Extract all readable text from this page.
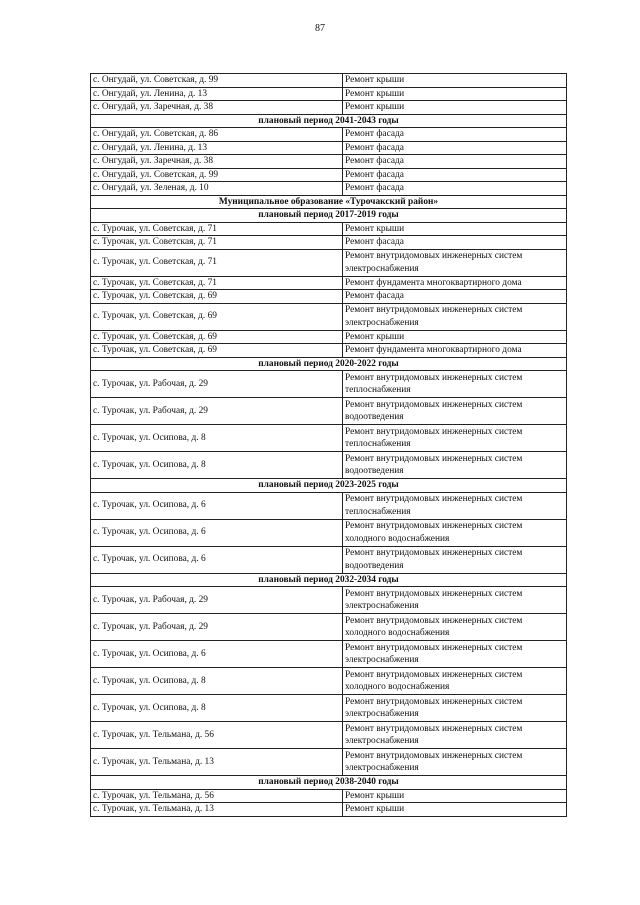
87
с. Онгудай, ул. Советская, д. 99	Ремонт крыши
с. Онгудай, ул. Ленина, д. 13	Ремонт крыши
с. Онгудай, ул. Заречная, д. 38	Ремонт крыши
плановый период 2041-2043 годы	
с. Онгудай, ул. Советская, д. 86	Ремонт фасада
с. Онгудай, ул. Ленина, д. 13	Ремонт фасада
с. Онгудай, ул. Заречная, д. 38	Ремонт фасада
с. Онгудай, ул. Советская, д. 99	Ремонт фасада
с. Онгудай, ул. Зеленая, д. 10	Ремонт фасада
Муниципальное образование «Турочакский район»	
плановый период 2017-2019 годы	
с. Турочак, ул. Советская, д. 71	Ремонт крыши
с. Турочак, ул. Советская, д. 71	Ремонт фасада
с. Турочак, ул. Советская, д. 71	Ремонт внутридомовых инженерных систем
электроснабжения

с. Турочак, ул. Советская, д. 71	Ремонт фундамента многоквартирного дома
с. Турочак, ул. Советская, д. 69	Ремонт фасада
с. Турочак, ул. Советская, д. 69	Ремонт внутридомовых инженерных систем
электроснабжения

с. Турочак, ул. Советская, д. 69	Ремонт крыши
с. Турочак, ул. Советская, д. 69	Ремонт фундамента многоквартирного дома
плановый период 2020-2022 годы	
с. Турочак, ул. Рабочая, д. 29	Ремонт внутридомовых инженерных систем
теплоснабжения

с. Турочак, ул. Рабочая, д. 29	Ремонт внутридомовых инженерных систем
водоотведения

с. Турочак, ул. Осипова, д. 8	Ремонт внутридомовых инженерных систем
теплоснабжения

с. Турочак, ул. Осипова, д. 8	Ремонт внутридомовых инженерных систем
водоотведения

плановый период 2023-2025 годы	
с. Турочак, ул. Осипова, д. 6	Ремонт внутридомовых инженерных систем
теплоснабжения

с. Турочак, ул. Осипова, д. 6	Ремонт внутридомовых инженерных систем
холодного водоснабжения

с. Турочак, ул. Осипова, д. 6	Ремонт внутридомовых инженерных систем
водоотведения

плановый период 2032-2034 годы	
с. Турочак, ул. Рабочая, д. 29	Ремонт внутридомовых инженерных систем
электроснабжения

с. Турочак, ул. Рабочая, д. 29	Ремонт внутридомовых инженерных систем
холодного водоснабжения

с. Турочак, ул. Осипова, д. 6	Ремонт внутридомовых инженерных систем
электроснабжения

с. Турочак, ул. Осипова, д. 8	Ремонт внутридомовых инженерных систем
холодного водоснабжения

с. Турочак, ул. Осипова, д. 8	Ремонт внутридомовых инженерных систем
электроснабжения

с. Турочак, ул. Тельмана, д. 56	Ремонт внутридомовых инженерных систем
электроснабжения

с. Турочак, ул. Тельмана, д. 13	Ремонт внутридомовых инженерных систем
электроснабжения

плановый период 2038-2040 годы	
с. Турочак, ул. Тельмана, д. 56	Ремонт крыши
с. Турочак, ул. Тельмана, д. 13	Ремонт крыши
